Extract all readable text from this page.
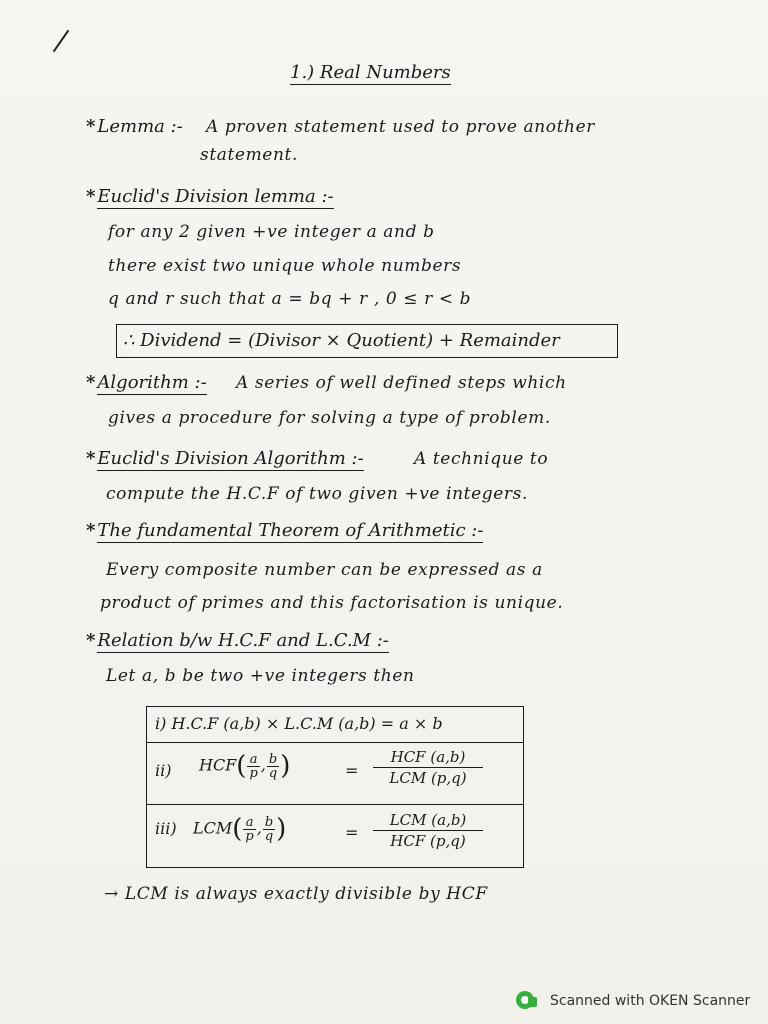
1.) Real Numbers
* Lemma :- A proven statement used to prove another
statement.
* Euclid's Division lemma :-
for any 2 given +ve integer a and b
there exist two unique whole numbers
q and r such that a = bq + r , 0 ≤ r < b
∴ Dividend = (Divisor × Quotient) + Remainder
* Algorithm :- A series of well defined steps which
gives a procedure for solving a type of problem.
* Euclid's Division Algorithm :-	A technique to
compute the H.C.F of two given +ve integers.
* The fundamental Theorem of Arithmetic :-
Every composite number can be expressed as a
product of primes and this factorisation is unique.
* Relation b/w H.C.F and L.C.M :-
Let a, b be two +ve integers then
i) H.C.F (a,b) × L.C.M (a,b) = a × b
ii) $HCF( \frac{a}{p}$ , $\frac{b}{q}$ )	=
HCF (a,b)
LCM (p,q)
iii) $LCM( \frac{a}{p}$ , $\frac{b}{q}$ )	=
LCM (a,b)
HCF (p,q)
→ LCM is always exactly divisible by HCF
Scanned with OKEN Scanner
